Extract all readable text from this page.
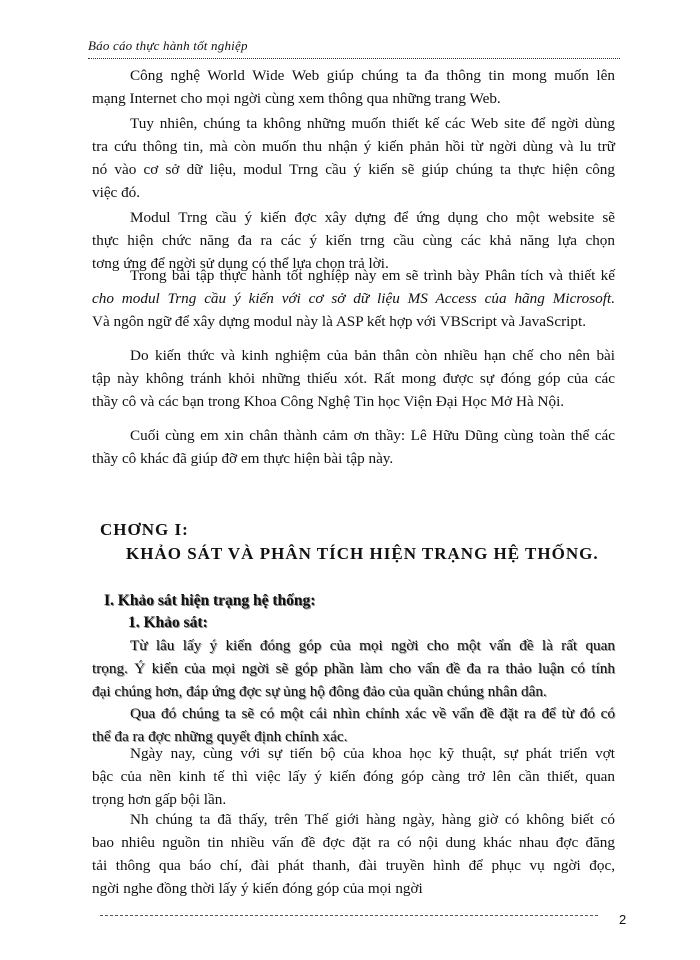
Báo cáo thực hành tốt nghiệp

Công nghệ World Wide Web giúp chúng ta đa thông tin mong muốn lên
mạng Internet cho mọi ngời cùng xem thông qua những trang Web.

Tuy nhiên, chúng ta không những muốn thiết kế các Web site để ngời dùng
tra cứu thông tin, mà còn muốn thu nhận ý kiến phản hồi từ ngời dùng và lu trữ
nó vào cơ sở dữ liệu, modul Trng cầu ý kiến sẽ giúp chúng ta thực hiện công
việc đó.

Modul Trng cầu ý kiến đợc xây dựng để ứng dụng cho một website sẽ
thực hiện chức năng đa ra các ý kiến trng cầu cùng các khả năng lựa chọn
tơng ứng để ngời sử dụng có thể lựa chọn trả lời.

Trong bài tập thực hành tốt nghiệp này em sẽ trình bày Phân tích và thiết kế
cho modul Trng cầu ý kiến với cơ sở dữ liệu MS Access của hãng Microsoft.
Và ngôn ngữ để xây dựng modul này là ASP kết hợp với VBScript và JavaScript.

Do kiến thức và kinh nghiệm của bản thân còn nhiều hạn chế cho nên bài
tập này không tránh khỏi những thiếu xót. Rất mong được sự đóng góp của các
thầy cô và các bạn trong Khoa Công Nghệ Tin học Viện Đại Học Mở Hà Nội.

Cuối cùng em xin chân thành cảm ơn thầy: Lê Hữu Dũng cùng toàn thể các
thầy cô khác đã giúp đỡ em thực hiện bài tập này.

CHƠNG I:
KHẢO SÁT VÀ PHÂN TÍCH HIỆN TRẠNG HỆ THỐNG.
I. Khảo sát hiện trạng hệ thống:
1. Khảo sát:

Từ lâu lấy ý kiến đóng góp của mọi ngời cho một vấn đề là rất quan
trọng. Ý kiến của mọi ngời sẽ góp phần làm cho vấn đề đa ra thảo luận có tính
đại chúng hơn, đáp ứng đợc sự ủng hộ đông đảo của quần chúng nhân dân.

Qua đó chúng ta sẽ có một cái nhìn chính xác về vấn đề đặt ra để từ đó có
thể đa ra đợc những quyết định chính xác.

Ngày nay, cùng với sự tiến bộ của khoa học kỹ thuật, sự phát triển vợt
bậc của nền kinh tế thì việc lấy ý kiến đóng góp càng trở lên cần thiết, quan
trọng hơn gấp bội lần.

Nh chúng ta đã thấy, trên Thế giới hàng ngày, hàng giờ có không biết có
bao nhiêu nguồn tin nhiều vấn đề đợc đặt ra có nội dung khác nhau đợc đăng
tải thông qua báo chí, đài phát thanh, đài truyền hình để phục vụ ngời đọc,
ngời nghe đồng thời lấy ý kiến đóng góp của mọi ngời

2
